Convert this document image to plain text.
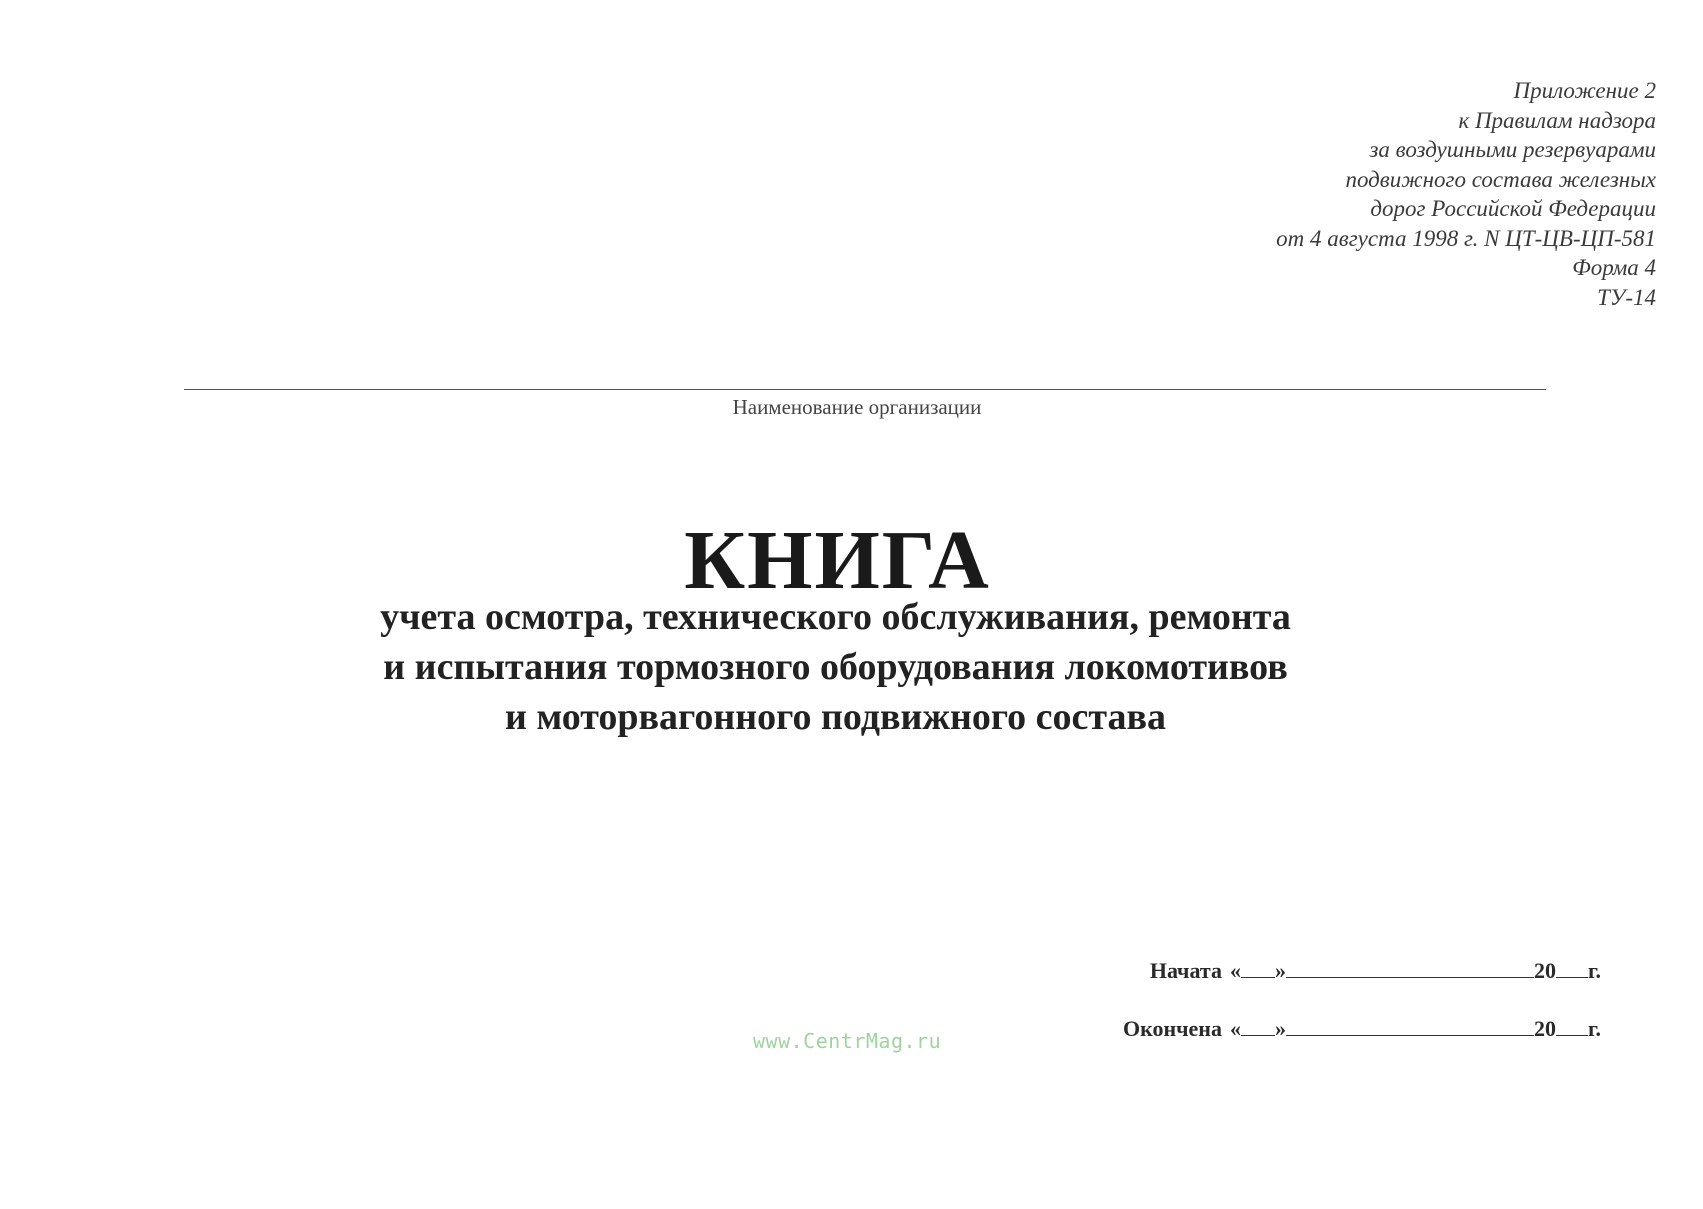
Приложение 2
к Правилам надзора
за воздушными резервуарами
подвижного состава железных
дорог Российской Федерации
от 4 августа 1998 г. N ЦТ-ЦВ-ЦП-581
Форма 4
ТУ-14
Наименование организации
КНИГА
учета осмотра, технического обслуживания, ремонта
и испытания тормозного оборудования локомотивов
и моторвагонного подвижного состава
Начата « »	20 г.
Окончена « »	20 г.
www.CentrMag.ru
